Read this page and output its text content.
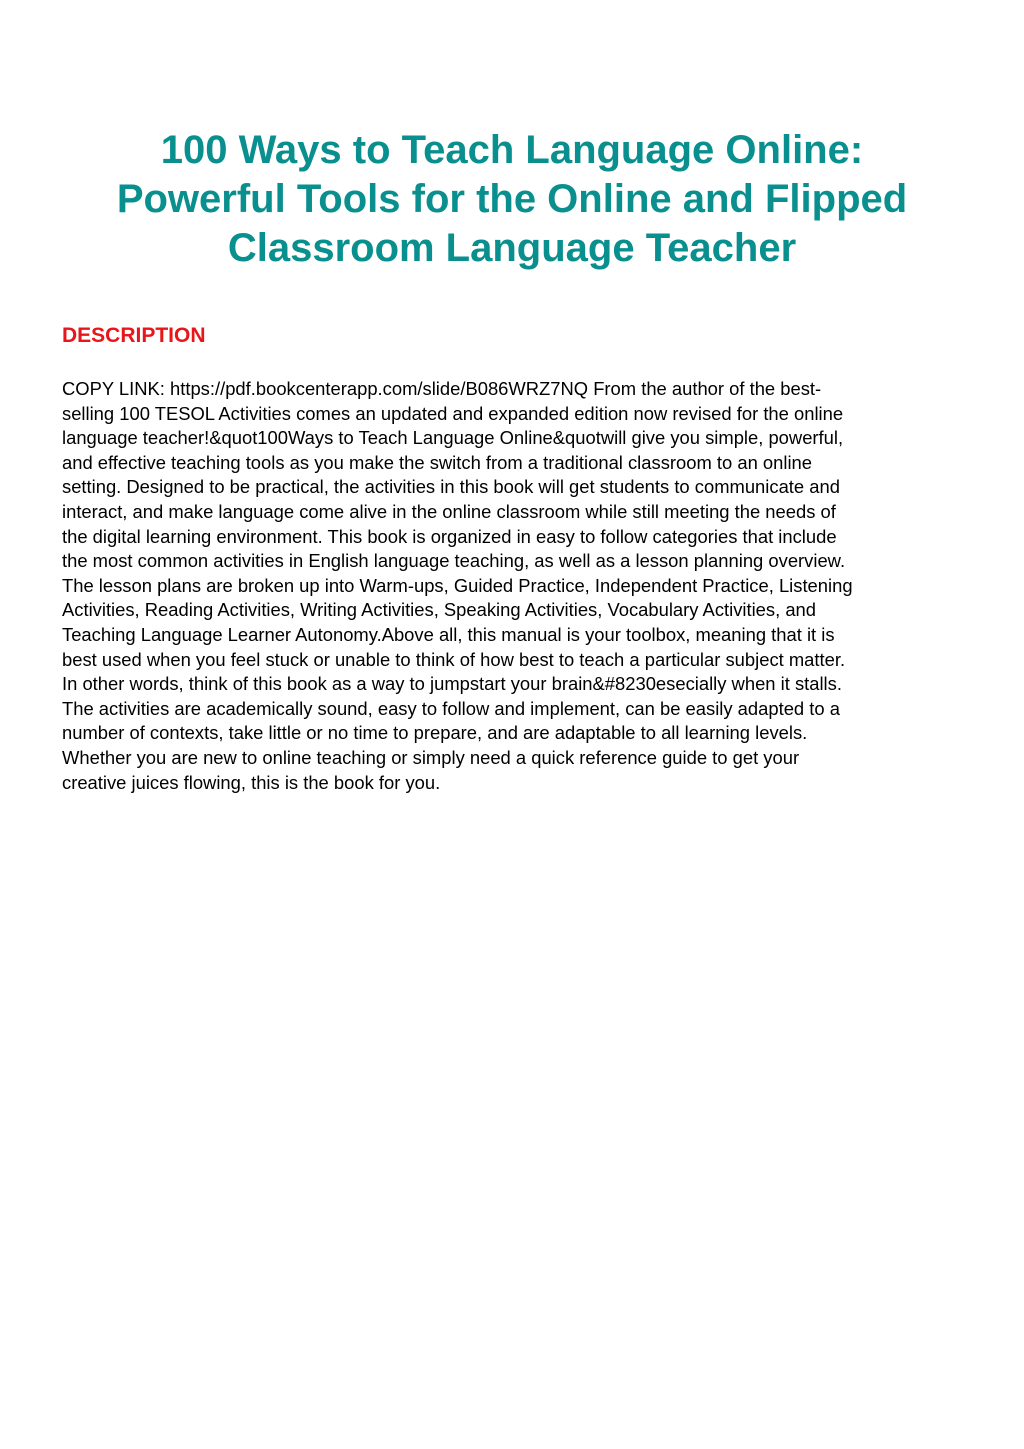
100 Ways to Teach Language Online:
Powerful Tools for the Online and Flipped
Classroom Language Teacher
DESCRIPTION

COPY LINK: https://pdf.bookcenterapp.com/slide/B086WRZ7NQ From the author of the best-
selling 100 TESOL Activities comes an updated and expanded edition now revised for the online
language teacher!&quot100Ways to Teach Language Online&quotwill give you simple, powerful,
and effective teaching tools as you make the switch from a traditional classroom to an online
setting. Designed to be practical, the activities in this book will get students to communicate and
interact, and make language come alive in the online classroom while still meeting the needs of
the digital learning environment. This book is organized in easy to follow categories that include
the most common activities in English language teaching, as well as a lesson planning overview.
The lesson plans are broken up into Warm-ups, Guided Practice, Independent Practice, Listening
Activities, Reading Activities, Writing Activities, Speaking Activities, Vocabulary Activities, and
Teaching Language Learner Autonomy.Above all, this manual is your toolbox, meaning that it is
best used when you feel stuck or unable to think of how best to teach a particular subject matter.
In other words, think of this book as a way to jumpstart your brain&#8230esecially when it stalls.
The activities are academically sound, easy to follow and implement, can be easily adapted to a
number of contexts, take little or no time to prepare, and are adaptable to all learning levels.
Whether you are new to online teaching or simply need a quick reference guide to get your
creative juices flowing, this is the book for you.
